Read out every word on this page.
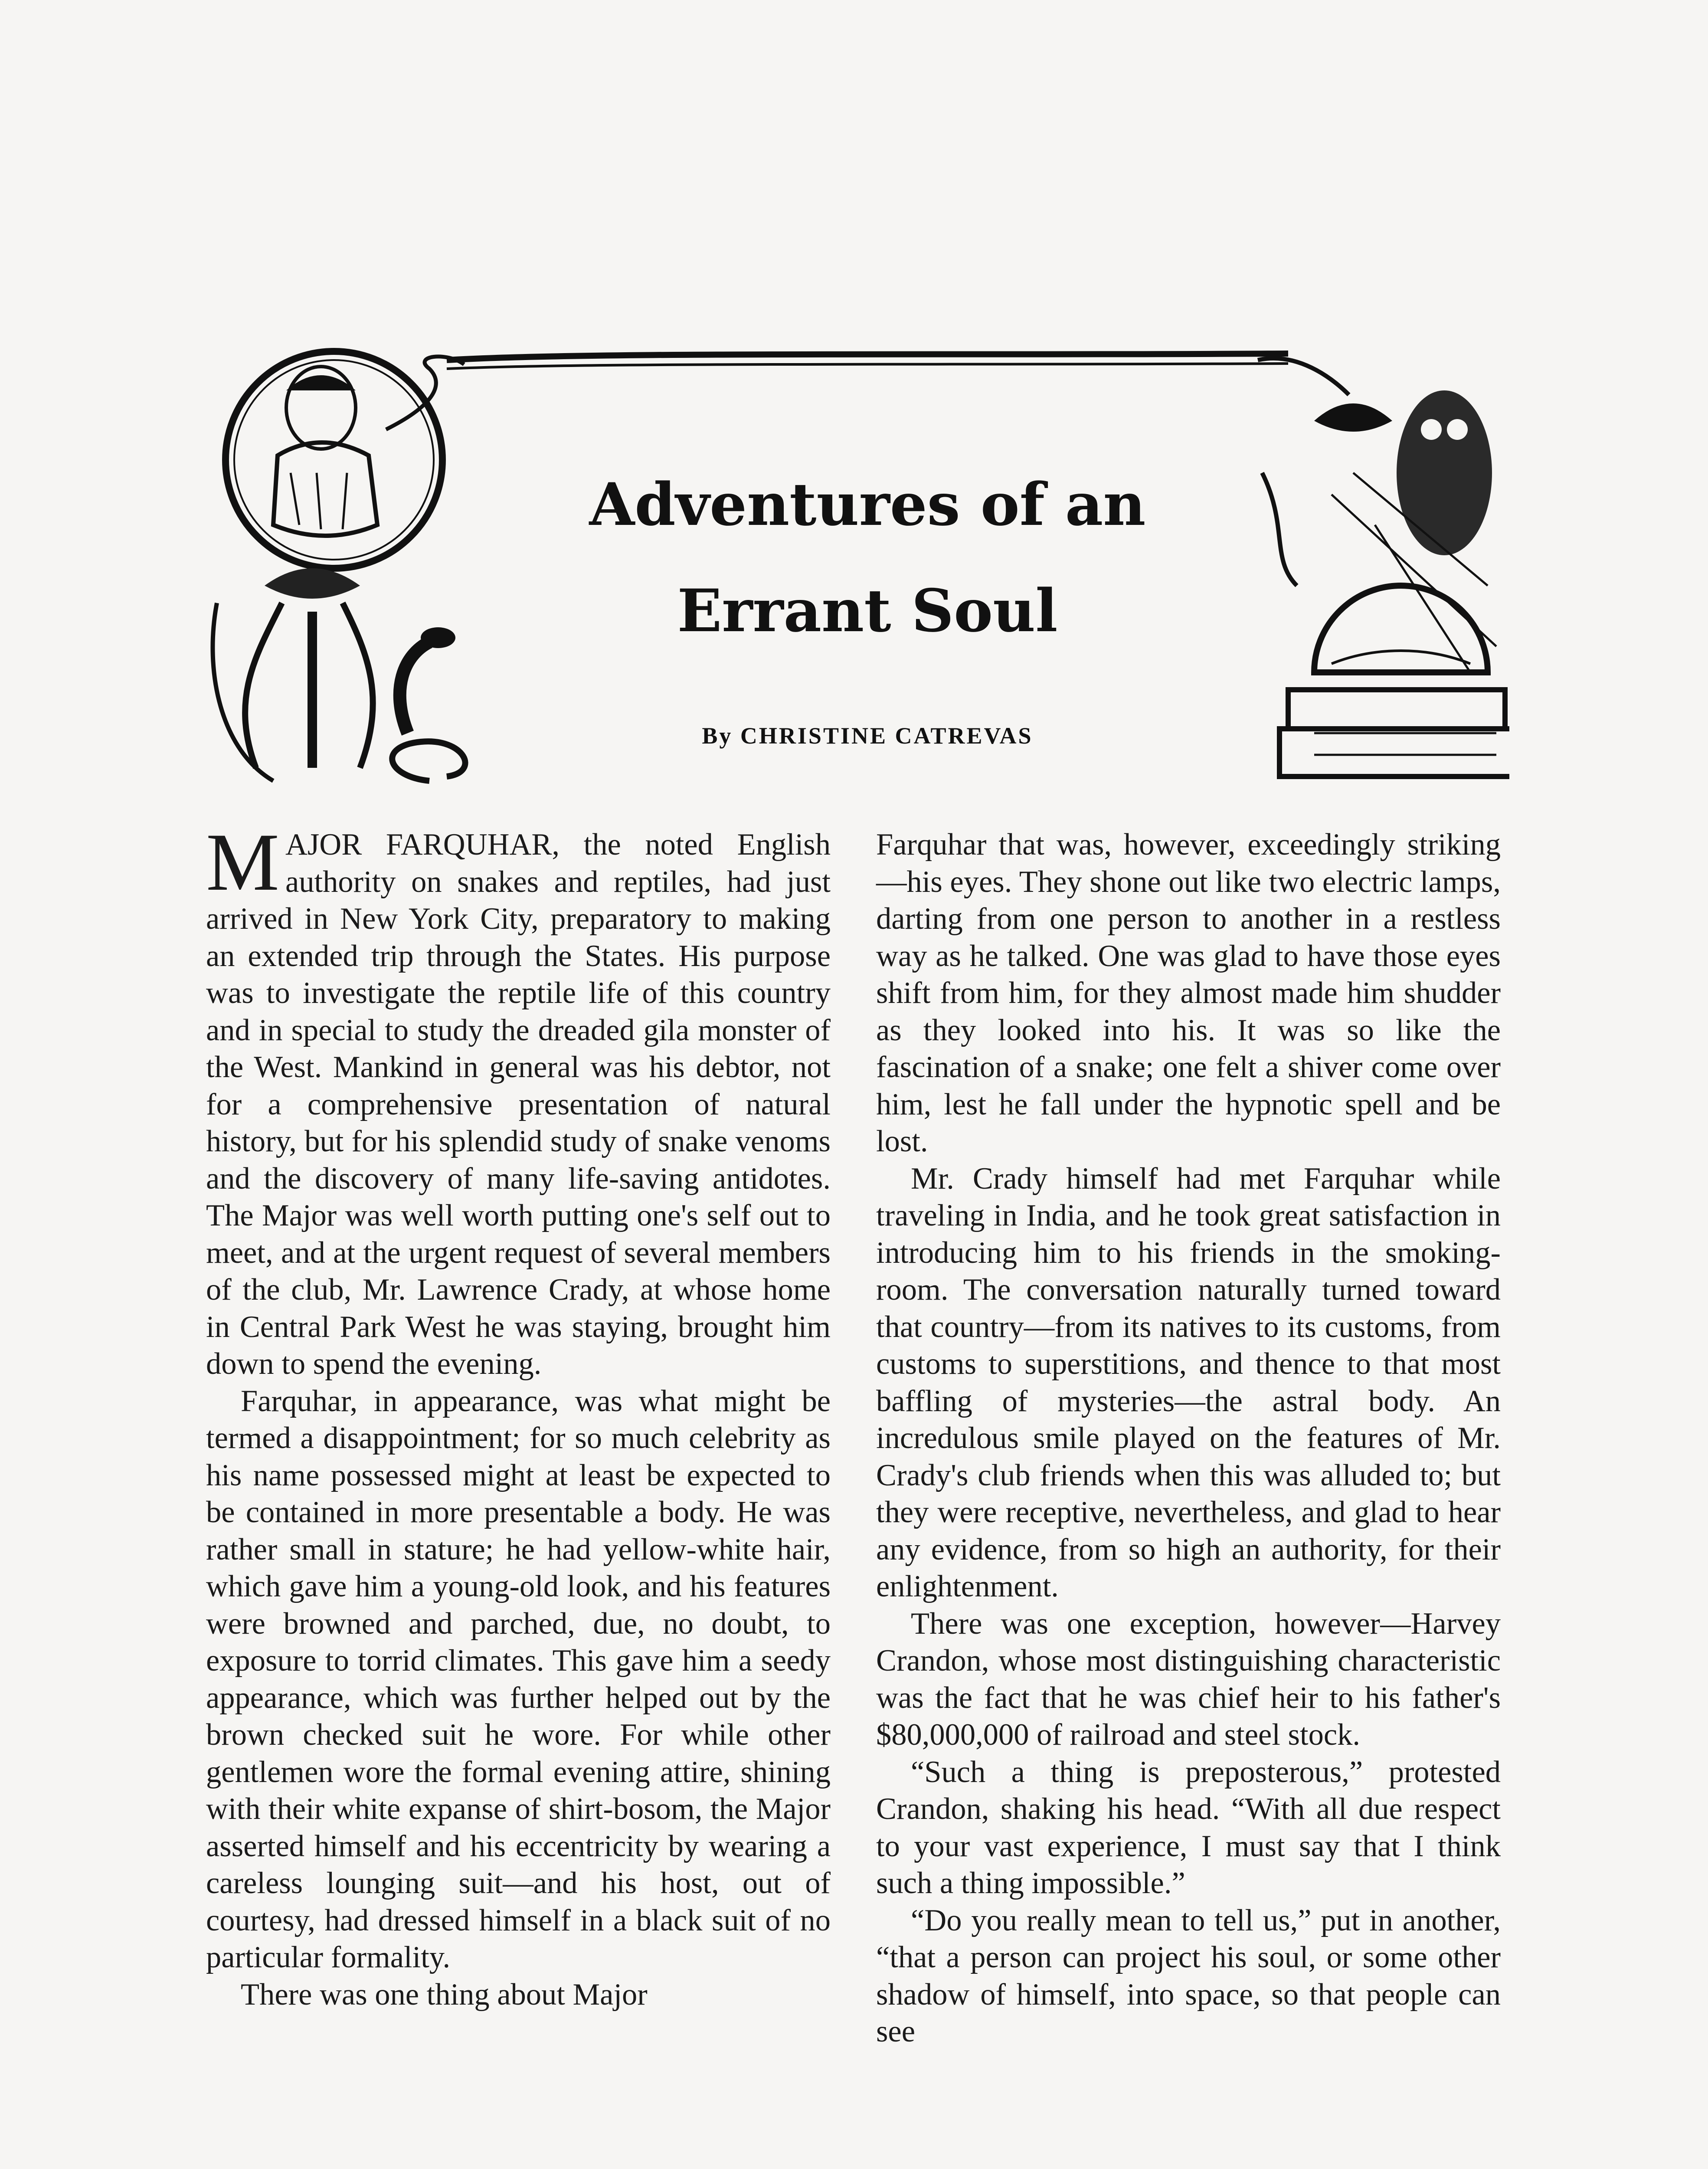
Adventures of an
Errant Soul
By CHRISTINE CATREVAS

MAJOR FARQUHAR, the noted English authority on snakes and reptiles, had just arrived in New York City, preparatory to making an extended trip through the States. His purpose was to investigate the reptile life of this country and in special to study the dreaded gila monster of the West. Mankind in general was his debtor, not for a comprehensive presentation of natural history, but for his splendid study of snake venoms and the discovery of many life-saving antidotes. The Major was well worth putting one's self out to meet, and at the urgent request of several members of the club, Mr. Lawrence Crady, at whose home in Central Park West he was staying, brought him down to spend the evening.

Farquhar, in appearance, was what might be termed a disappointment; for so much celebrity as his name possessed might at least be expected to be contained in more presentable a body. He was rather small in stature; he had yellow-white hair, which gave him a young-old look, and his features were browned and parched, due, no doubt, to exposure to torrid climates. This gave him a seedy appearance, which was further helped out by the brown checked suit he wore. For while other gentlemen wore the formal evening attire, shining with their white expanse of shirt-bosom, the Major asserted himself and his eccentricity by wearing a careless lounging suit—and his host, out of courtesy, had dressed himself in a black suit of no particular formality.

There was one thing about Major

Farquhar that was, however, exceedingly striking—his eyes. They shone out like two electric lamps, darting from one person to another in a restless way as he talked. One was glad to have those eyes shift from him, for they almost made him shudder as they looked into his. It was so like the fascination of a snake; one felt a shiver come over him, lest he fall under the hypnotic spell and be lost.

Mr. Crady himself had met Farquhar while traveling in India, and he took great satisfaction in introducing him to his friends in the smoking-room. The conversation naturally turned toward that country—from its natives to its customs, from customs to superstitions, and thence to that most baffling of mysteries—the astral body. An incredulous smile played on the features of Mr. Crady's club friends when this was alluded to; but they were receptive, nevertheless, and glad to hear any evidence, from so high an authority, for their enlightenment.

There was one exception, however—Harvey Crandon, whose most distinguishing characteristic was the fact that he was chief heir to his father's $80,000,000 of railroad and steel stock.

“Such a thing is preposterous,” protested Crandon, shaking his head. “With all due respect to your vast experience, I must say that I think such a thing impossible.”

“Do you really mean to tell us,” put in another, “that a person can project his soul, or some other shadow of himself, into space, so that people can see
